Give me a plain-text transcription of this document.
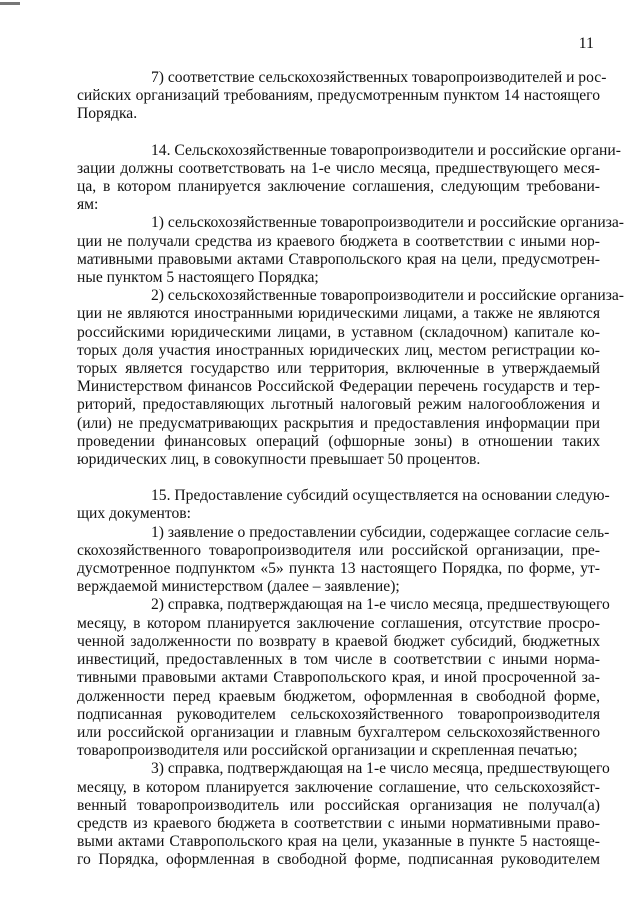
11
7) соответствие сельскохозяйственных товаропроизводителей и рос-
сийских организаций требованиям, предусмотренным пунктом 14 настоящего
Порядка.
14. Сельскохозяйственные товаропроизводители и российские органи-
зации должны соответствовать на 1-е число месяца, предшествующего меся-
ца, в котором планируется заключение соглашения, следующим требовани-
ям:
1) сельскохозяйственные товаропроизводители и российские организа-
ции не получали средства из краевого бюджета в соответствии с иными нор-
мативными правовыми актами Ставропольского края на цели, предусмотрен-
ные пунктом 5 настоящего Порядка;
2) сельскохозяйственные товаропроизводители и российские организа-
ции не являются иностранными юридическими лицами, а также не являются
российскими юридическими лицами, в уставном (складочном) капитале ко-
торых доля участия иностранных юридических лиц, местом регистрации ко-
торых является государство или территория, включенные в утверждаемый
Министерством финансов Российской Федерации перечень государств и тер-
риторий, предоставляющих льготный налоговый режим налогообложения и
(или) не предусматривающих раскрытия и предоставления информации при
проведении финансовых операций (офшорные зоны) в отношении таких
юридических лиц, в совокупности превышает 50 процентов.
15. Предоставление субсидий осуществляется на основании следую-
щих документов:
1) заявление о предоставлении субсидии, содержащее согласие сель-
скохозяйственного товаропроизводителя или российской организации, пре-
дусмотренное подпунктом «5» пункта 13 настоящего Порядка, по форме, ут-
верждаемой министерством (далее – заявление);
2) справка, подтверждающая на 1-е число месяца, предшествующего
месяцу, в котором планируется заключение соглашения, отсутствие просро-
ченной задолженности по возврату в краевой бюджет субсидий, бюджетных
инвестиций, предоставленных в том числе в соответствии с иными норма-
тивными правовыми актами Ставропольского края, и иной просроченной за-
долженности перед краевым бюджетом, оформленная в свободной форме,
подписанная руководителем сельскохозяйственного товаропроизводителя
или российской организации и главным бухгалтером сельскохозяйственного
товаропроизводителя или российской организации и скрепленная печатью;
3) справка, подтверждающая на 1-е число месяца, предшествующего
месяцу, в котором планируется заключение соглашение, что сельскохозяйст-
венный товаропроизводитель или российская организация не получал(а)
средств из краевого бюджета в соответствии с иными нормативными право-
выми актами Ставропольского края на цели, указанные в пункте 5 настояще-
го Порядка, оформленная в свободной форме, подписанная руководителем
